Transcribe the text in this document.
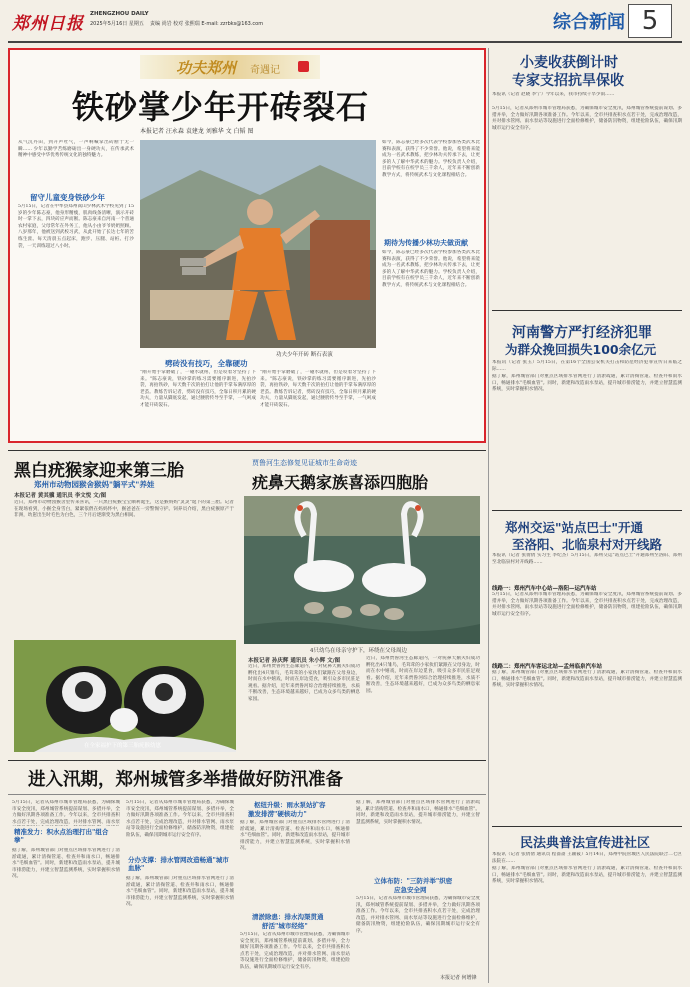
郑州日报 ZHENGZHOU DAILY
2025年5月16日 星期五 责编 尚岩 校对 张熙瑞 E-mail: zzrbks@163.com	综合新闻 5
功夫郑州 奇遇记
铁砂掌少年开砖裂石
本报记者 汪永森 袁建龙 刘雅华 文 白韬 图
从气沉丹田，到开声吐气，一声响喊掌出砖断于无一瞬…… 少年以勤学苦练磨砺出一身硬功夫，在传承武术精神中感受中华优秀传统文化的独特魅力。
留守儿童变身铁砂少年
5月15日，记者在中牟县郑州嵩山少林武术学校见到了15岁的少年陈志豪，他身形精瘦，肌肉线条清晰，演示开砖时一掌下去，四块砖应声而断。陈志豪来自河南一个普通农村家庭，父母常年在外务工，他从小由爷爷奶奶照顾。八岁那年，他被送到武校习武，从此开始了长达七年的苦练生涯。每天清晨五点起床，跑步、压腿、站桩、打沙袋，一天训练超过八小时。
功夫少年开砖 断石表演
劈砖没有技巧，全靠硬功
"刚开始手掌磨破了，一碰水就疼，但是咬着牙坚持了下来。"陈志豪说，铁砂掌的练习需要循序渐进，先拍沙袋，再拍铁砂，每天数千次的拍打让他的手掌布满厚厚的老茧。教练告诉记者，劈砖没有技巧，全靠日积月累的硬功夫，力量从脚底发起，通过腰胯传导至手掌，一气呵成才能开砖裂石。
"刚开始手掌磨破了，一碰水就疼，但是咬着牙坚持了下来。"陈志豪说，铁砂掌的练习需要循序渐进，先拍沙袋，再拍铁砂，每天数千次的拍打让他的手掌布满厚厚的老茧。教练告诉记者，劈砖没有技巧，全靠日积月累的硬功夫，力量从脚底发起，通过腰胯传导至手掌，一气呵成才能开砖裂石。
如今，陈志豪已经多次代表学校参加各类武术比赛和表演，获得了不少荣誉。他说，希望将来能成为一名武术教练，把少林功夫传承下去，让更多的人了解中华武术的魅力。学校负责人介绍，目前学校有在校学员三千余人，近年来不断创新教学方式，将传统武术与文化课程相结合。
期待为传播少林功夫做贡献
如今，陈志豪已经多次代表学校参加各类武术比赛和表演，获得了不少荣誉。他说，希望将来能成为一名武术教练，把少林功夫传承下去，让更多的人了解中华武术的魅力。学校负责人介绍，目前学校有在校学员三千余人，近年来不断创新教学方式，将传统武术与文化课程相结合。
小麦收获倒计时
专家支招抗旱保收
本报讯（记者 赵晓 李宁）今年以来，我市持续干旱少雨……
5月15日，记者从郑州市城市管理局获悉，为确保城市安全度汛，郑州城管系统提前谋划、多措并举，全力做好汛期各项准备工作。今年以来，全市共排查积水点若干处，完成治理改造，并对排水管网、雨水泵站等设施进行全面检修维护，储备防汛物资，组建抢险队伍，确保汛期城市运行安全有序。
河南警方严打经济犯罪
为群众挽回损失100余亿元
本报讯（记者 张玉）5月15日，在第16个全国公安机关打击和防范经济犯罪宣传日来临之际……
据了解，郑州城管部门对重点区域排水管网进行了清淤疏通，累计清掏管道、检查井和雨水口，畅通排水"毛细血管"。同时，新建和改造雨水泵站，提升城市排涝能力，并建立智慧监测系统，实时掌握积水情况。
郑州交运"站点巴士"开通
至洛阳、北临泉村对开线路
本报讯（记者 张倩倩 实习生 李纪杰）5月15日，郑州交运"站点巴士"开通郑州至洛阳、郑州至北临泉村对开线路……
线路一：郑州汽车中心站—洛阳—运汽车站
5月15日，记者从郑州市城市管理局获悉，为确保城市安全度汛，郑州城管系统提前谋划、多措并举，全力做好汛期各项准备工作。今年以来，全市共排查积水点若干处，完成治理改造，并对排水管网、雨水泵站等设施进行全面检修维护，储备防汛物资，组建抢险队伍，确保汛期城市运行安全有序。
线路二：郑州汽车客运北站—孟州临泉汽车站
据了解，郑州城管部门对重点区域排水管网进行了清淤疏通，累计清掏管道、检查井和雨水口，畅通排水"毛细血管"。同时，新建和改造雨水泵站，提升城市排涝能力，并建立智慧监测系统，实时掌握积水情况。
黑白疣猴家迎来第三胎
郑州市动物园猴舍猴妈"躺平式"养娃
本报记者 黄其骥 通讯员 李文悦 文/图
近日，郑州市动物园猴舍里传来喜讯，一只黑白疣猴宝宝顺利诞生，这是猴妈妈"灵灵"诞下的第三胎。记者在现场看到，小猴全身雪白，紧紧依偎在妈妈怀中，猴爸爸在一旁警惕守护。饲养员介绍，黑白疣猴原产于非洲，幼崽出生时毛色为白色，三个月后逐渐变为黑白相间。
在全家福护下的第三胎疣猴幼崽
贾鲁河生态修复见证城市生命奇迹
疣鼻天鹅家族喜添四胞胎
4只幼鸟在母亲守护下，环绕在父母周边
本报记者 孙庆辉 通讯员 朱小辉 文/图
近日，郑州贾鲁河生态廊道内，一对疣鼻天鹅夫妇成功孵化出4只雏鸟，毛茸茸的小家伙们紧跟在父母身边，时而在水中嬉戏，时而在岸边觅食，吸引众多市民驻足观看。据介绍，近年来贾鲁河综合治理持续推进，水质不断改善，生态环境越来越好，已成为众多鸟类的栖息家园。
近日，郑州贾鲁河生态廊道内，一对疣鼻天鹅夫妇成功孵化出4只雏鸟，毛茸茸的小家伙们紧跟在父母身边，时而在水中嬉戏，时而在岸边觅食，吸引众多市民驻足观看。据介绍，近年来贾鲁河综合治理持续推进，水质不断改善，生态环境越来越好，已成为众多鸟类的栖息家园。
进入汛期，郑州城管多举措做好防汛准备
5月15日，记者从郑州市城市管理局获悉，为确保城市安全度汛，郑州城管系统提前谋划、多措并举，全力做好汛期各项准备工作。今年以来，全市共排查积水点若干处，完成治理改造，并对排水管网、雨水泵
精准发力：积水点治理打出"组合拳"
据了解，郑州城管部门对重点区域排水管网进行了清淤疏通，累计清掏管道、检查井和雨水口，畅通排水"毛细血管"。同时，新建和改造雨水泵站，提升城市排涝能力，并建立智慧监测系统，实时掌握积水情况。
5月15日，记者从郑州市城市管理局获悉，为确保城市安全度汛，郑州城管系统提前谋划、多措并举，全力做好汛期各项准备工作。今年以来，全市共排查积水点若干处，完成治理改造，并对排水管网、雨水泵站等设施进行全面检修维护，储备防汛物资，组建抢险队伍，确保汛期城市运行安全有序。
分办支撑：排水管网改造畅通"城市血脉"
据了解，郑州城管部门对重点区域排水管网进行了清淤疏通，累计清掏管道、检查井和雨水口，畅通排水"毛细血管"。同时，新建和改造雨水泵站，提升城市排涝能力，并建立智慧监测系统，实时掌握积水情况。
枢纽升级：雨水泵站扩容
激发排涝"硬核动力"
据了解，郑州城管部门对重点区域排水管网进行了清淤疏通，累计清掏管道、检查井和雨水口，畅通排水"毛细血管"。同时，新建和改造雨水泵站，提升城市排涝能力，并建立智慧监测系统，实时掌握积水情况。
清淤除患：排水沟渠贯通
舒活"城市经络"
5月15日，记者从郑州市城市管理局获悉，为确保城市安全度汛，郑州城管系统提前谋划、多措并举，全力做好汛期各项准备工作。今年以来，全市共排查积水点若干处，完成治理改造，并对排水管网、雨水泵站等设施进行全面检修维护，储备防汛物资，组建抢险队伍，确保汛期城市运行安全有序。
据了解，郑州城管部门对重点区域排水管网进行了清淤疏通，累计清掏管道、检查井和雨水口，畅通排水"毛细血管"。同时，新建和改造雨水泵站，提升城市排涝能力，并建立智慧监测系统，实时掌握积水情况。
立体布防："三防并举"织密
应急安全网
5月15日，记者从郑州市城市管理局获悉，为确保城市安全度汛，郑州城管系统提前谋划、多措并举，全力做好汛期各项准备工作。今年以来，全市共排查积水点若干处，完成治理改造，并对排水管网、雨水泵站等设施进行全面检修维护，储备防汛物资，组建抢险队伍，确保汛期城市运行安全有序。
本报记者 何增锋
民法典普法宣传进社区
本报讯（记者 张倩倩 通讯员 程蔷蔷 王颖筱）5月14日，郑州中院管城区人民法院联合二七区法院在……
据了解，郑州城管部门对重点区域排水管网进行了清淤疏通，累计清掏管道、检查井和雨水口，畅通排水"毛细血管"。同时，新建和改造雨水泵站，提升城市排涝能力，并建立智慧监测系统，实时掌握积水情况。
